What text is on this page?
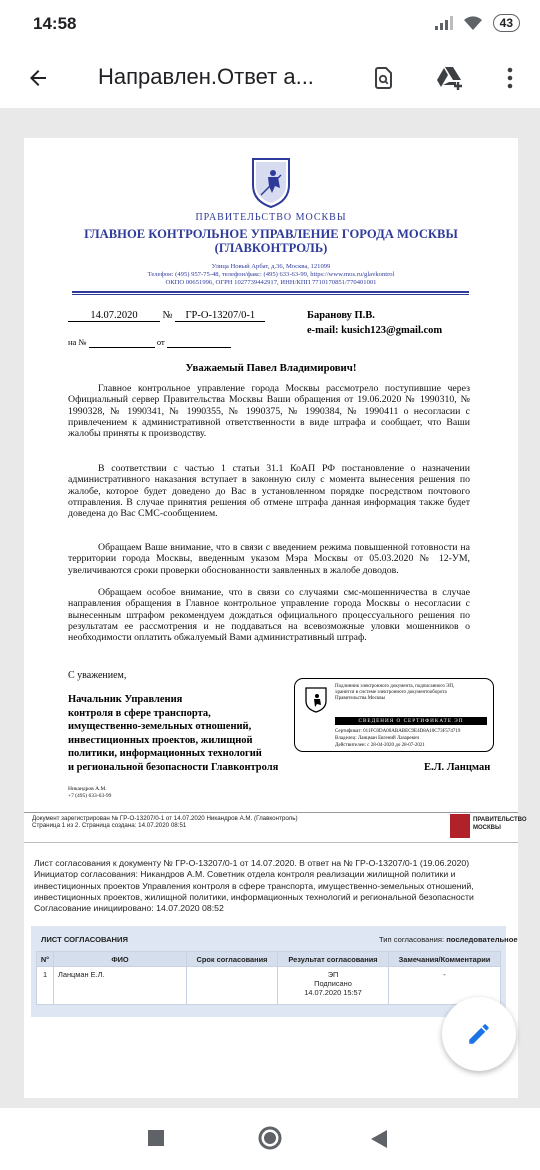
14:58	43
Направлен.Ответ а...
ПРАВИТЕЛЬСТВО МОСКВЫ
ГЛАВНОЕ КОНТРОЛЬНОЕ УПРАВЛЕНИЕ ГОРОДА МОСКВЫ
(ГЛАВКОНТРОЛЬ)
Улица Новый Арбат, д.36, Москва, 121099
Телефон: (495) 957-75-48, телефон/факс: (495) 633-63-99, https://www.mos.ru/glavkontrol
ОКПО 00651996, ОГРН 1027739442917, ИНН/КПП 7710170851/770401001
14.07.2020 № ГР-О-13207/0-1
на №	от
Баранову П.В.
e-mail: kusich123@gmail.com
Уважаемый Павел Владимирович!
Главное контрольное управление города Москвы рассмотрело поступившие через Официальный сервер Правительства Москвы Ваши обращения от 19.06.2020 № 1990310, № 1990328, № 1990341, № 1990355, № 1990375, № 1990384, № 1990411 о несогласии с привлечением к административной ответственности в виде штрафа и сообщает, что Ваши жалобы приняты к производству.
В соответствии с частью 1 статьи 31.1 КоАП РФ постановление о назначении административного наказания вступает в законную силу с момента вынесения решения по жалобе, которое будет доведено до Вас в установленном порядке посредством почтового отправления. В случае принятия решения об отмене штрафа данная информация также будет доведена до Вас СМС-сообщением.
Обращаем Ваше внимание, что в связи с введением режима повышенной готовности на территории города Москвы, введенным указом Мэра Москвы от 05.03.2020 № 12-УМ, увеличиваются сроки проверки обоснованности заявленных в жалобе доводов.
Обращаем особое внимание, что в связи со случаями смс-мошенничества в случае направления обращения в Главное контрольное управление города Москвы о несогласии с вынесенным штрафом рекомендуем дождаться официального процессуального решения по результатам ее рассмотрения и не поддаваться на всевозможные уловки мошенников о необходимости оплатить обжалуемый Вами административный штраф.
С уважением,
Начальник Управления
контроля в сфере транспорта,
имущественно-земельных отношений,
инвестиционных проектов, жилищной
политики, информационных технологий
и региональной безопасности Главконтроля
Подлинник электронного документа, подписанного ЭП,
хранится в системе электронного документооборота
Правительства Москвы
СВЕДЕНИЯ О СЕРТИФИКАТЕ ЭП
Сертификат: 011FC0DA00ABABEC9E4D8A10C73F574719
Владелец: Ланцман Евгений Лазаревич
Действителен: с 28-04-2020 до 28-07-2021
Е.Л. Ланцман
Никандров А.М.
+7 (495) 633-63-99
Документ зарегистрирован № ГР-О-13207/0-1 от 14.07.2020 Никандров А.М. (Главконтроль)
Страница 1 из 2. Страница создана: 14.07.2020 08:51
ПРАВИТЕЛЬСТВО
МОСКВЫ
Лист согласования к документу № ГР-О-13207/0-1 от 14.07.2020. В ответ на № ГР-О-13207/0-1 (19.06.2020) Инициатор согласования: Никандров А.М. Советник отдела контроля реализации жилищной политики и инвестиционных проектов Управления контроля в сфере транспорта, имущественно-земельных отношений, инвестиционных проектов, жилищной политики, информационных технологий и региональной безопасности Согласование инициировано: 14.07.2020 08:52
ЛИСТ СОГЛАСОВАНИЯ	Тип согласования: последовательное
N°	ФИО	Срок согласования	Результат согласования	Замечания/Комментарии
1	Ланцман Е.Л.		ЭП
Подписано
14.07.2020 15:57	-
